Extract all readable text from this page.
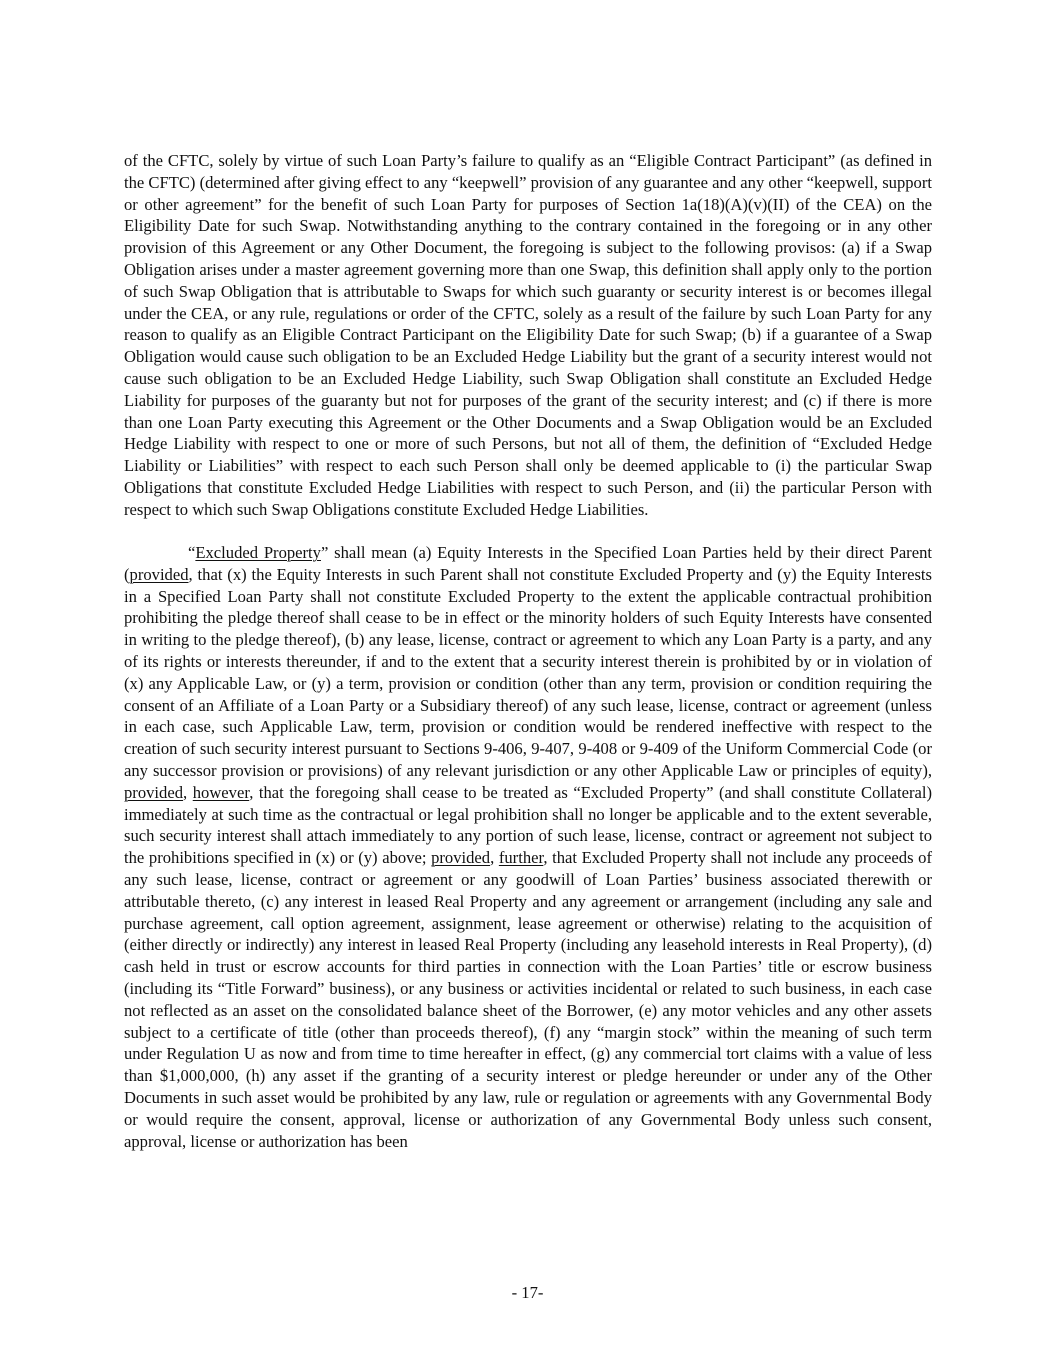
of the CFTC, solely by virtue of such Loan Party’s failure to qualify as an “Eligible Contract Participant” (as defined in the CFTC) (determined after giving effect to any “keepwell” provision of any guarantee and any other “keepwell, support or other agreement” for the benefit of such Loan Party for purposes of Section 1a(18)(A)(v)(II) of the CEA) on the Eligibility Date for such Swap. Notwithstanding anything to the contrary contained in the foregoing or in any other provision of this Agreement or any Other Document, the foregoing is subject to the following provisos: (a) if a Swap Obligation arises under a master agreement governing more than one Swap, this definition shall apply only to the portion of such Swap Obligation that is attributable to Swaps for which such guaranty or security interest is or becomes illegal under the CEA, or any rule, regulations or order of the CFTC, solely as a result of the failure by such Loan Party for any reason to qualify as an Eligible Contract Participant on the Eligibility Date for such Swap; (b) if a guarantee of a Swap Obligation would cause such obligation to be an Excluded Hedge Liability but the grant of a security interest would not cause such obligation to be an Excluded Hedge Liability, such Swap Obligation shall constitute an Excluded Hedge Liability for purposes of the guaranty but not for purposes of the grant of the security interest; and (c) if there is more than one Loan Party executing this Agreement or the Other Documents and a Swap Obligation would be an Excluded Hedge Liability with respect to one or more of such Persons, but not all of them, the definition of “Excluded Hedge Liability or Liabilities” with respect to each such Person shall only be deemed applicable to (i) the particular Swap Obligations that constitute Excluded Hedge Liabilities with respect to such Person, and (ii) the particular Person with respect to which such Swap Obligations constitute Excluded Hedge Liabilities.

“Excluded Property” shall mean (a) Equity Interests in the Specified Loan Parties held by their direct Parent (provided, that (x) the Equity Interests in such Parent shall not constitute Excluded Property and (y) the Equity Interests in a Specified Loan Party shall not constitute Excluded Property to the extent the applicable contractual prohibition prohibiting the pledge thereof shall cease to be in effect or the minority holders of such Equity Interests have consented in writing to the pledge thereof), (b) any lease, license, contract or agreement to which any Loan Party is a party, and any of its rights or interests thereunder, if and to the extent that a security interest therein is prohibited by or in violation of (x) any Applicable Law, or (y) a term, provision or condition (other than any term, provision or condition requiring the consent of an Affiliate of a Loan Party or a Subsidiary thereof) of any such lease, license, contract or agreement (unless in each case, such Applicable Law, term, provision or condition would be rendered ineffective with respect to the creation of such security interest pursuant to Sections 9-406, 9-407, 9-408 or 9-409 of the Uniform Commercial Code (or any successor provision or provisions) of any relevant jurisdiction or any other Applicable Law or principles of equity), provided, however, that the foregoing shall cease to be treated as “Excluded Property” (and shall constitute Collateral) immediately at such time as the contractual or legal prohibition shall no longer be applicable and to the extent severable, such security interest shall attach immediately to any portion of such lease, license, contract or agreement not subject to the prohibitions specified in (x) or (y) above; provided, further, that Excluded Property shall not include any proceeds of any such lease, license, contract or agreement or any goodwill of Loan Parties’ business associated therewith or attributable thereto, (c) any interest in leased Real Property and any agreement or arrangement (including any sale and purchase agreement, call option agreement, assignment, lease agreement or otherwise) relating to the acquisition of (either directly or indirectly) any interest in leased Real Property (including any leasehold interests in Real Property), (d) cash held in trust or escrow accounts for third parties in connection with the Loan Parties’ title or escrow business (including its “Title Forward” business), or any business or activities incidental or related to such business, in each case not reflected as an asset on the consolidated balance sheet of the Borrower, (e) any motor vehicles and any other assets subject to a certificate of title (other than proceeds thereof), (f) any “margin stock” within the meaning of such term under Regulation U as now and from time to time hereafter in effect, (g) any commercial tort claims with a value of less than $1,000,000, (h) any asset if the granting of a security interest or pledge hereunder or under any of the Other Documents in such asset would be prohibited by any law, rule or regulation or agreements with any Governmental Body or would require the consent, approval, license or authorization of any Governmental Body unless such consent, approval, license or authorization has been

- 17-
